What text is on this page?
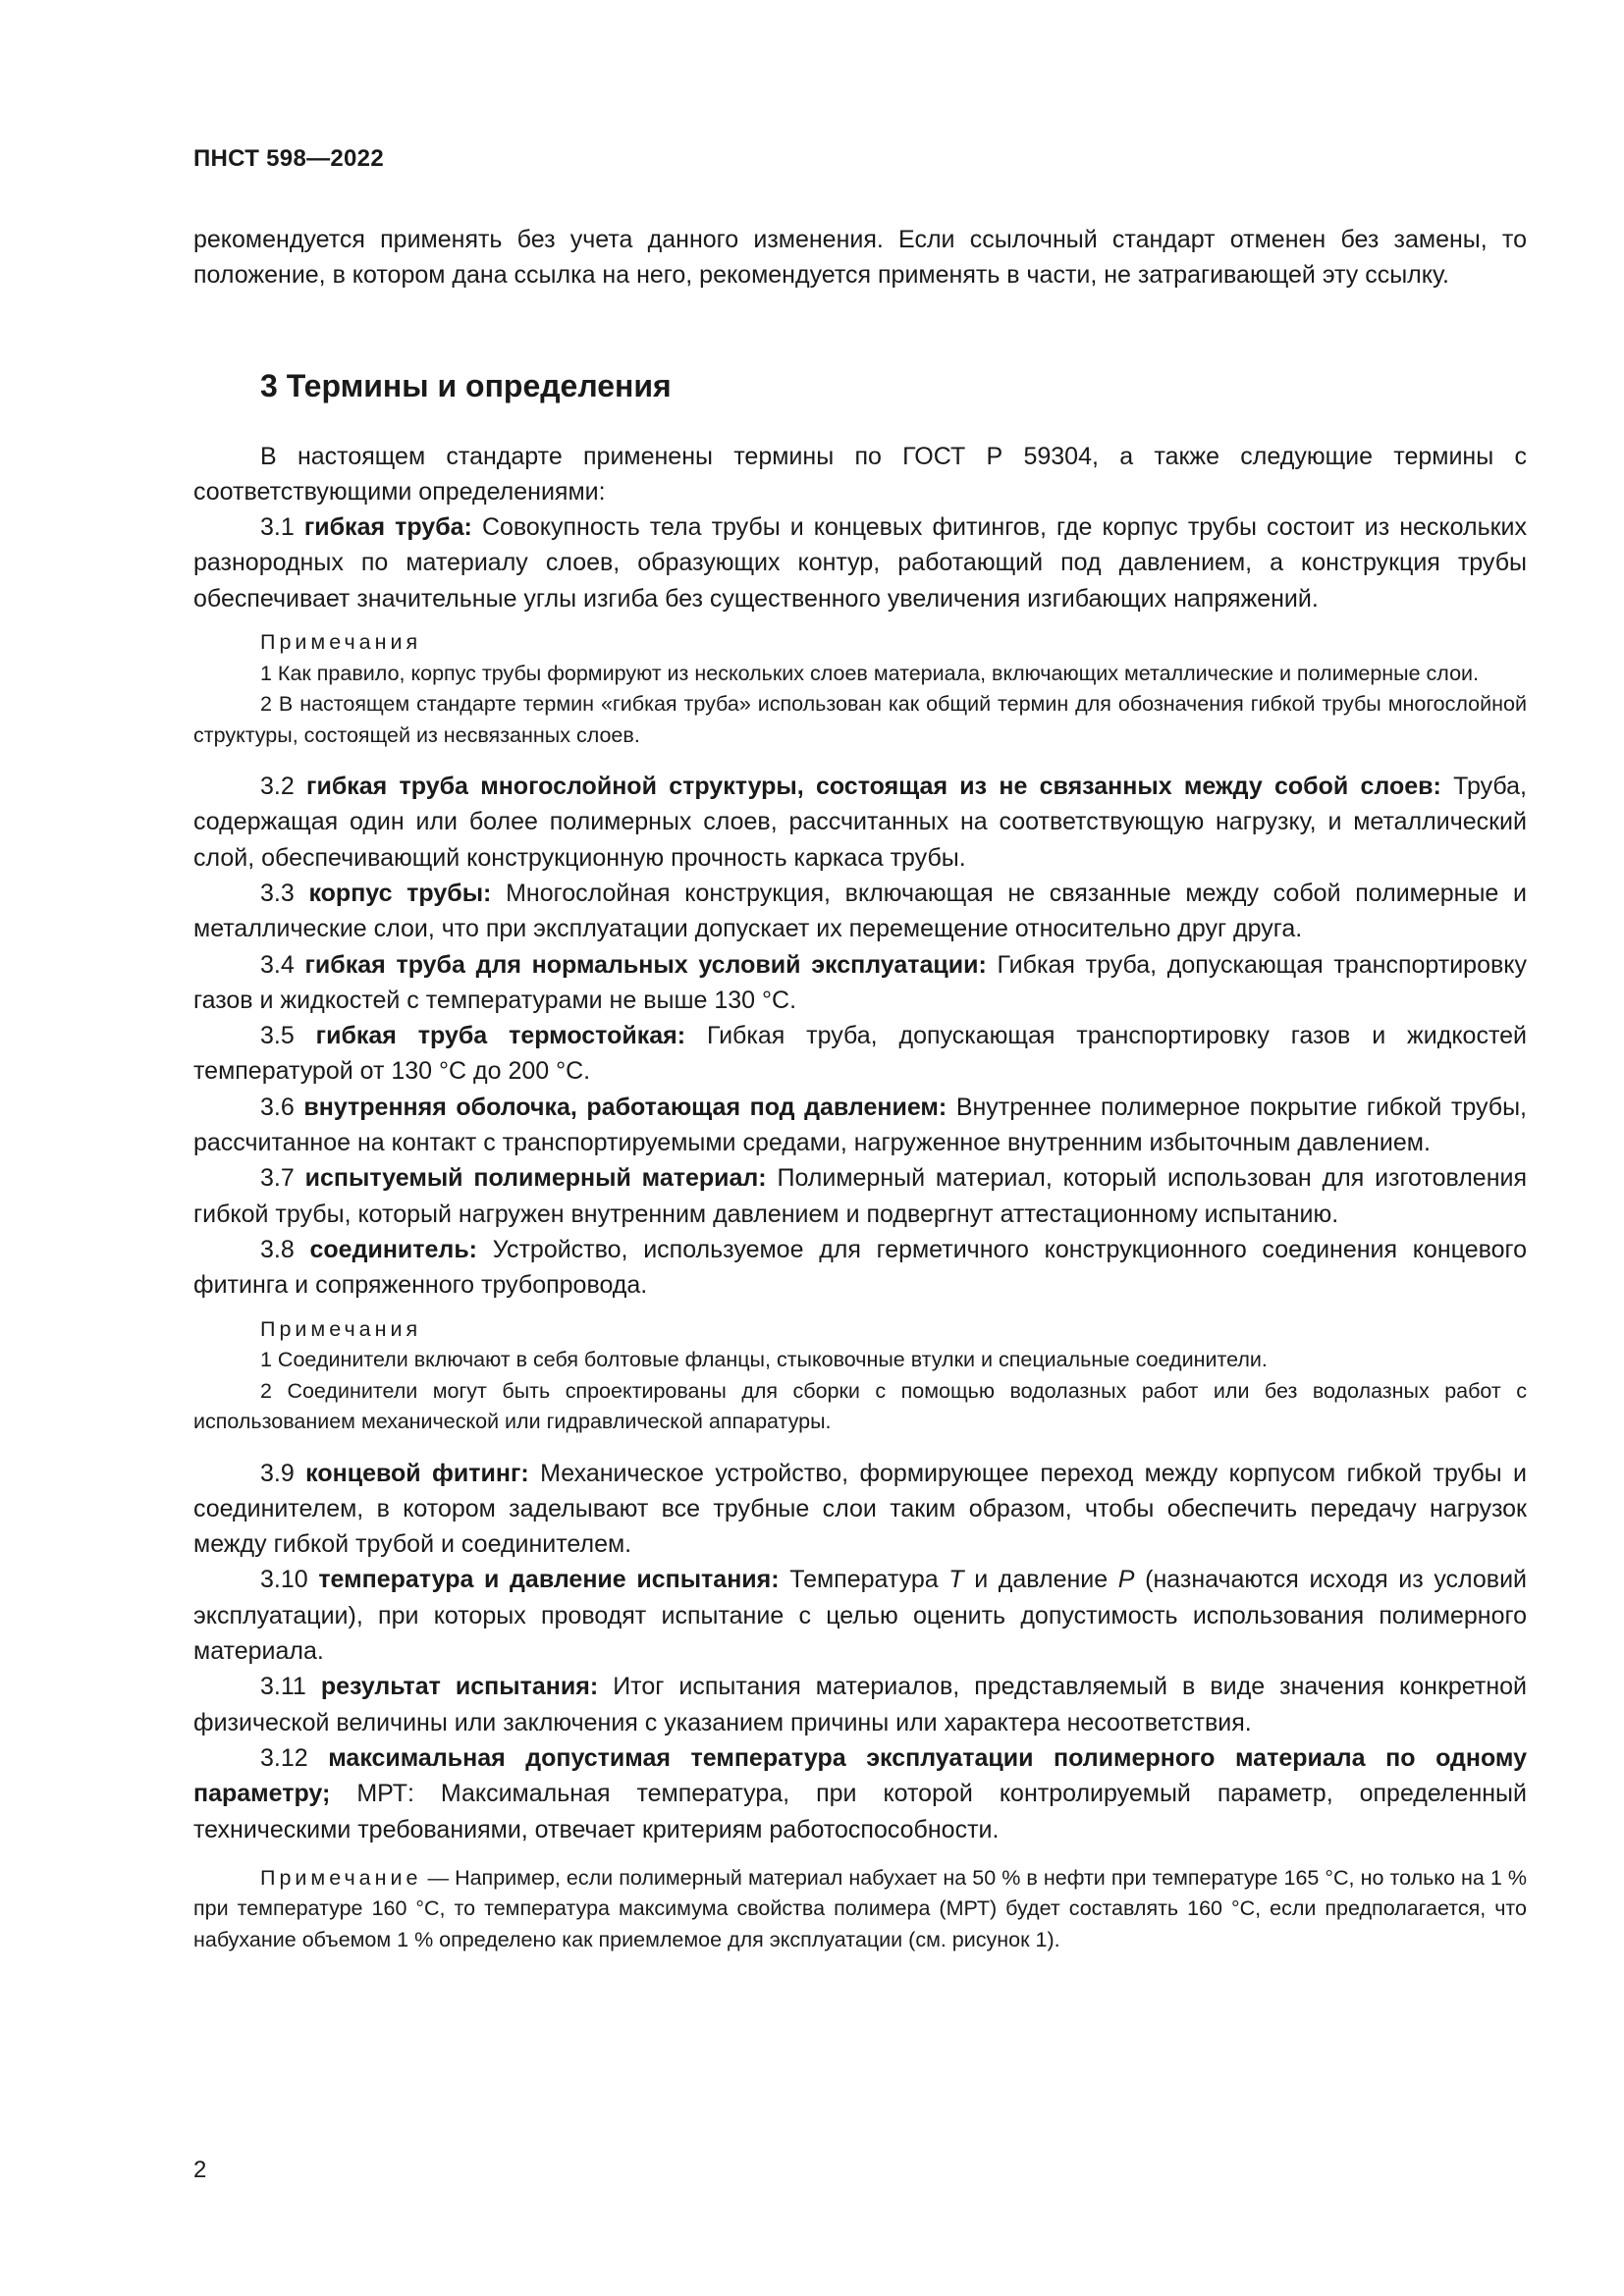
ПНСТ 598—2022

рекомендуется применять без учета данного изменения. Если ссылочный стандарт отменен без замены, то положение, в котором дана ссылка на него, рекомендуется применять в части, не затрагивающей эту ссылку.

3 Термины и определения

В настоящем стандарте применены термины по ГОСТ Р 59304, а также следующие термины с соответствующими определениями:

3.1 гибкая труба: Совокупность тела трубы и концевых фитингов, где корпус трубы состоит из нескольких разнородных по материалу слоев, образующих контур, работающий под давлением, а конструкция трубы обеспечивает значительные углы изгиба без существенного увеличения изгибающих напряжений.

Примечания

1 Как правило, корпус трубы формируют из нескольких слоев материала, включающих металлические и полимерные слои.

2 В настоящем стандарте термин «гибкая труба» использован как общий термин для обозначения гибкой трубы многослойной структуры, состоящей из несвязанных слоев.

3.2 гибкая труба многослойной структуры, состоящая из не связанных между собой слоев: Труба, содержащая один или более полимерных слоев, рассчитанных на соответствующую нагрузку, и металлический слой, обеспечивающий конструкционную прочность каркаса трубы.

3.3 корпус трубы: Многослойная конструкция, включающая не связанные между собой полимерные и металлические слои, что при эксплуатации допускает их перемещение относительно друг друга.

3.4 гибкая труба для нормальных условий эксплуатации: Гибкая труба, допускающая транспортировку газов и жидкостей с температурами не выше 130 °С.

3.5 гибкая труба термостойкая: Гибкая труба, допускающая транспортировку газов и жидкостей температурой от 130 °С до 200 °С.

3.6 внутренняя оболочка, работающая под давлением: Внутреннее полимерное покрытие гибкой трубы, рассчитанное на контакт с транспортируемыми средами, нагруженное внутренним избыточным давлением.

3.7 испытуемый полимерный материал: Полимерный материал, который использован для изготовления гибкой трубы, который нагружен внутренним давлением и подвергнут аттестационному испытанию.

3.8 соединитель: Устройство, используемое для герметичного конструкционного соединения концевого фитинга и сопряженного трубопровода.

Примечания

1 Соединители включают в себя болтовые фланцы, стыковочные втулки и специальные соединители.

2 Соединители могут быть спроектированы для сборки с помощью водолазных работ или без водолазных работ с использованием механической или гидравлической аппаратуры.

3.9 концевой фитинг: Механическое устройство, формирующее переход между корпусом гибкой трубы и соединителем, в котором заделывают все трубные слои таким образом, чтобы обеспечить передачу нагрузок между гибкой трубой и соединителем.

3.10 температура и давление испытания: Температура T и давление P (назначаются исходя из условий эксплуатации), при которых проводят испытание с целью оценить допустимость использования полимерного материала.

3.11 результат испытания: Итог испытания материалов, представляемый в виде значения конкретной физической величины или заключения с указанием причины или характера несоответствия.

3.12 максимальная допустимая температура эксплуатации полимерного материала по одному параметру; МРТ: Максимальная температура, при которой контролируемый параметр, определенный техническими требованиями, отвечает критериям работоспособности.

Примечание — Например, если полимерный материал набухает на 50 % в нефти при температуре 165 °С, но только на 1 % при температуре 160 °С, то температура максимума свойства полимера (МРТ) будет составлять 160 °С, если предполагается, что набухание объемом 1 % определено как приемлемое для эксплуатации (см. рисунок 1).

2
